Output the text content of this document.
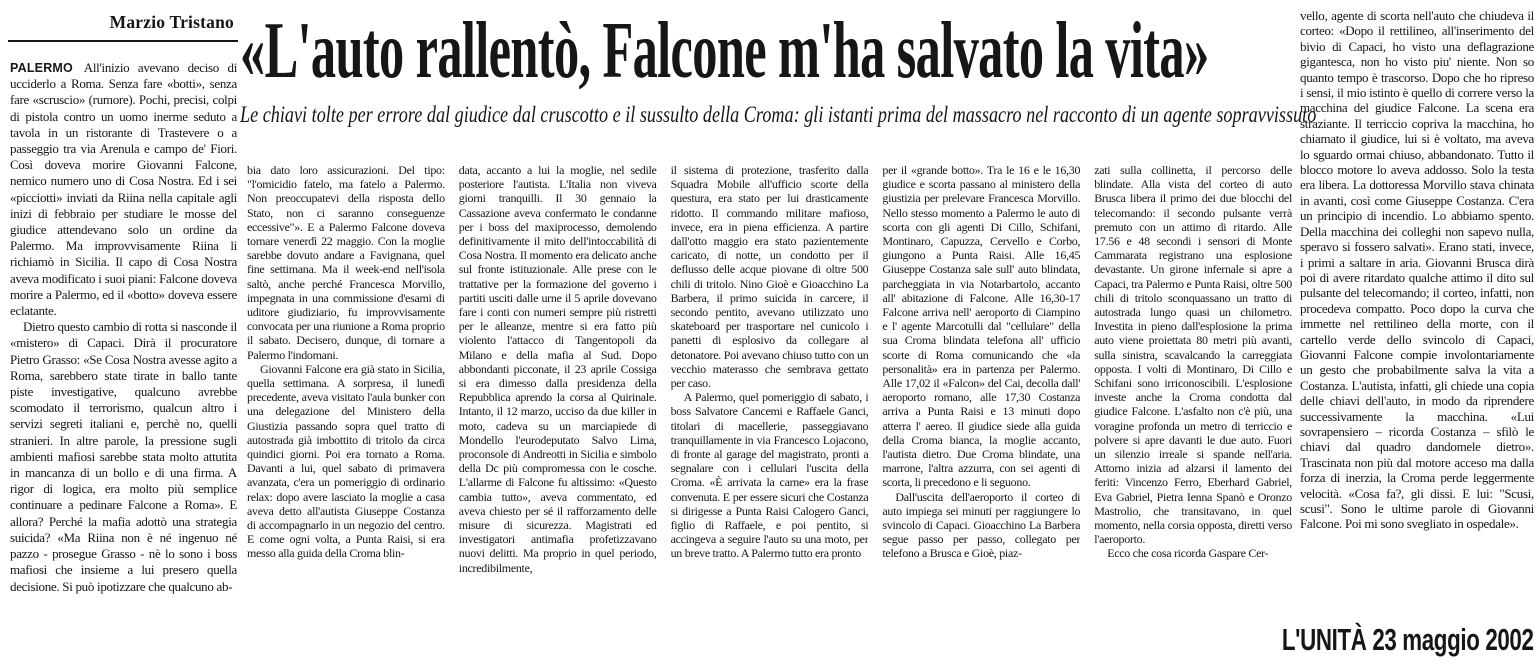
Marzio Tristano

PALERMO All'inizio avevano deciso di ucciderlo a Roma. Senza fare «botti», senza fare «scruscio» (rumore). Pochi, precisi, colpi di pistola contro un uomo inerme seduto a tavola in un ristorante di Trastevere o a passeggio tra via Arenula e campo de' Fiori. Così doveva morire Giovanni Falcone, nemico numero uno di Cosa Nostra. Ed i sei «picciotti» inviati da Riina nella capitale agli inizi di febbraio per studiare le mosse del giudice attendevano solo un ordine da Palermo. Ma improvvisamente Riina li richiamò in Sicilia. Il capo di Cosa Nostra aveva modificato i suoi piani: Falcone doveva morire a Palermo, ed il «botto» doveva essere eclatante.

Dietro questo cambio di rotta si nasconde il «mistero» di Capaci. Dirà il procuratore Pietro Grasso: «Se Cosa Nostra avesse agito a Roma, sarebbero state tirate in ballo tante piste investigative, qualcuno avrebbe scomodato il terrorismo, qualcun altro i servizi segreti italiani e, perchè no, quelli stranieri. In altre parole, la pressione sugli ambienti mafiosi sarebbe stata molto attutita in mancanza di un bollo e di una firma. A rigor di logica, era molto più semplice continuare a pedinare Falcone a Roma». E allora? Perché la mafia adottò una strategia suicida? «Ma Riina non è né ingenuo né pazzo - prosegue Grasso - nè lo sono i boss mafiosi che insieme a lui presero quella decisione. Si può ipotizzare che qualcuno ab-

«L'auto rallentò, Falcone m'ha salvato la vita»
Le chiavi tolte per errore dal giudice dal cruscotto e il sussulto della Croma: gli istanti prima del massacro nel racconto di un agente sopravvissuto

bia dato loro assicurazioni. Del tipo: "l'omicidio fatelo, ma fatelo a Palermo. Non preoccupatevi della risposta dello Stato, non ci saranno conseguenze eccessive"». E a Palermo Falcone doveva tornare venerdì 22 maggio. Con la moglie sarebbe dovuto andare a Favignana, quel fine settimana. Ma il week-end nell'isola saltò, anche perché Francesca Morvillo, impegnata in una commissione d'esami di uditore giudiziario, fu improvvisamente convocata per una riunione a Roma proprio il sabato. Decisero, dunque, di tornare a Palermo l'indomani.

Giovanni Falcone era già stato in Sicilia, quella settimana. A sorpresa, il lunedì precedente, aveva visitato l'aula bunker con una delegazione del Ministero della Giustizia passando sopra quel tratto di autostrada già imbottito di tritolo da circa quindici giorni. Poi era tornato a Roma. Davanti a lui, quel sabato di primavera avanzata, c'era un pomeriggio di ordinario relax: dopo avere lasciato la moglie a casa aveva detto all'autista Giuseppe Costanza di accompagnarlo in un negozio del centro. E come ogni volta, a Punta Raisi, si era messo alla guida della Croma blin-

data, accanto a lui la moglie, nel sedile posteriore l'autista. L'Italia non viveva giorni tranquilli. Il 30 gennaio la Cassazione aveva confermato le condanne per i boss del maxiprocesso, demolendo definitivamente il mito dell'intoccabilità di Cosa Nostra. Il momento era delicato anche sul fronte istituzionale. Alle prese con le trattative per la formazione del governo i partiti usciti dalle urne il 5 aprile dovevano fare i conti con numeri sempre più ristretti per le alleanze, mentre si era fatto più violento l'attacco di Tangentopoli da Milano e della mafia al Sud. Dopo abbondanti picconate, il 23 aprile Cossiga si era dimesso dalla presidenza della Repubblica aprendo la corsa al Quirinale. Intanto, il 12 marzo, ucciso da due killer in moto, cadeva su un marciapiede di Mondello l'eurodeputato Salvo Lima, proconsole di Andreotti in Sicilia e simbolo della Dc più compromessa con le cosche. L'allarme di Falcone fu altissimo: «Questo cambia tutto», aveva commentato, ed aveva chiesto per sé il rafforzamento delle misure di sicurezza. Magistrati ed investigatori antimafia profetizzavano nuovi delitti. Ma proprio in quel periodo, incredibilmente,

il sistema di protezione, trasferito dalla Squadra Mobile all'ufficio scorte della questura, era stato per lui drasticamente ridotto. Il commando militare mafioso, invece, era in piena efficienza. A partire dall'otto maggio era stato pazientemente caricato, di notte, un condotto per il deflusso delle acque piovane di oltre 500 chili di tritolo. Nino Gioè e Gioacchino La Barbera, il primo suicida in carcere, il secondo pentito, avevano utilizzato uno skateboard per trasportare nel cunicolo i panetti di esplosivo da collegare al detonatore. Poi avevano chiuso tutto con un vecchio materasso che sembrava gettato per caso.

A Palermo, quel pomeriggio di sabato, i boss Salvatore Cancemi e Raffaele Ganci, titolari di macellerie, passeggiavano tranquillamente in via Francesco Lojacono, di fronte al garage del magistrato, pronti a segnalare con i cellulari l'uscita della Croma. «È arrivata la carne» era la frase convenuta. E per essere sicuri che Costanza si dirigesse a Punta Raisi Calogero Ganci, figlio di Raffaele, e poi pentito, si accingeva a seguire l'auto su una moto, per un breve tratto. A Palermo tutto era pronto

per il «grande botto». Tra le 16 e le 16,30 giudice e scorta passano al ministero della giustizia per prelevare Francesca Morvillo. Nello stesso momento a Palermo le auto di scorta con gli agenti Di Cillo, Schifani, Montinaro, Capuzza, Cervello e Corbo, giungono a Punta Raisi. Alle 16,45 Giuseppe Costanza sale sull' auto blindata, parcheggiata in via Notarbartolo, accanto all' abitazione di Falcone. Alle 16,30-17 Falcone arriva nell' aeroporto di Ciampino e l' agente Marcotulli dal "cellulare" della sua Croma blindata telefona all' ufficio scorte di Roma comunicando che «la personalità» era in partenza per Palermo. Alle 17,02 il «Falcon» del Cai, decolla dall' aeroporto romano, alle 17,30 Costanza arriva a Punta Raisi e 13 minuti dopo atterra l' aereo. Il giudice siede alla guida della Croma bianca, la moglie accanto, l'autista dietro. Due Croma blindate, una marrone, l'altra azzurra, con sei agenti di scorta, li precedono e li seguono.

Dall'uscita dell'aeroporto il corteo di auto impiega sei minuti per raggiungere lo svincolo di Capaci. Gioacchino La Barbera segue passo per passo, collegato per telefono a Brusca e Gioè, piaz-

zati sulla collinetta, il percorso delle blindate. Alla vista del corteo di auto Brusca libera il primo dei due blocchi del telecomando: il secondo pulsante verrà premuto con un attimo di ritardo. Alle 17.56 e 48 secondi i sensori di Monte Cammarata registrano una esplosione devastante. Un girone infernale si apre a Capaci, tra Palermo e Punta Raisi, oltre 500 chili di tritolo sconquassano un tratto di autostrada lungo quasi un chilometro. Investita in pieno dall'esplosione la prima auto viene proiettata 80 metri più avanti, sulla sinistra, scavalcando la carreggiata opposta. I volti di Montinaro, Di Cillo e Schifani sono irriconoscibili. L'esplosione investe anche la Croma condotta dal giudice Falcone. L'asfalto non c'è più, una voragine profonda un metro di terriccio e polvere si apre davanti le due auto. Fuori un silenzio irreale si spande nell'aria. Attorno inizia ad alzarsi il lamento dei feriti: Vincenzo Ferro, Eberhard Gabriel, Eva Gabriel, Pietra Ienna Spanò e Oronzo Mastrolio, che transitavano, in quel momento, nella corsia opposta, diretti verso l'aeroporto.

Ecco che cosa ricorda Gaspare Cer-

vello, agente di scorta nell'auto che chiudeva il corteo: «Dopo il rettilineo, all'inserimento del bivio di Capaci, ho visto una deflagrazione gigantesca, non ho visto piu' niente. Non so quanto tempo è trascorso. Dopo che ho ripreso i sensi, il mio istinto è quello di correre verso la macchina del giudice Falcone. La scena era straziante. Il terriccio copriva la macchina, ho chiamato il giudice, lui si è voltato, ma aveva lo sguardo ormai chiuso, abbandonato. Tutto il blocco motore lo aveva addosso. Solo la testa era libera. La dottoressa Morvillo stava chinata in avanti, così come Giuseppe Costanza. C'era un principio di incendio. Lo abbiamo spento. Della macchina dei colleghi non sapevo nulla, speravo si fossero salvati». Erano stati, invece, i primi a saltare in aria. Giovanni Brusca dirà poi di avere ritardato qualche attimo il dito sul pulsante del telecomando; il corteo, infatti, non procedeva compatto. Poco dopo la curva che immette nel rettilineo della morte, con il cartello verde dello svincolo di Capaci, Giovanni Falcone compie involontariamente un gesto che probabilmente salva la vita a Costanza. L'autista, infatti, gli chiede una copia delle chiavi dell'auto, in modo da riprendere successivamente la macchina. «Lui sovrapensiero – ricorda Costanza – sfilò le chiavi dal quadro dandomele dietro». Trascinata non più dal motore acceso ma dalla forza di inerzia, la Croma perde leggermente velocità. «Cosa fa?, gli dissi. E lui: "Scusi, scusi". Sono le ultime parole di Giovanni Falcone. Poi mi sono svegliato in ospedale».

L'UNITÀ 23 maggio 2002
